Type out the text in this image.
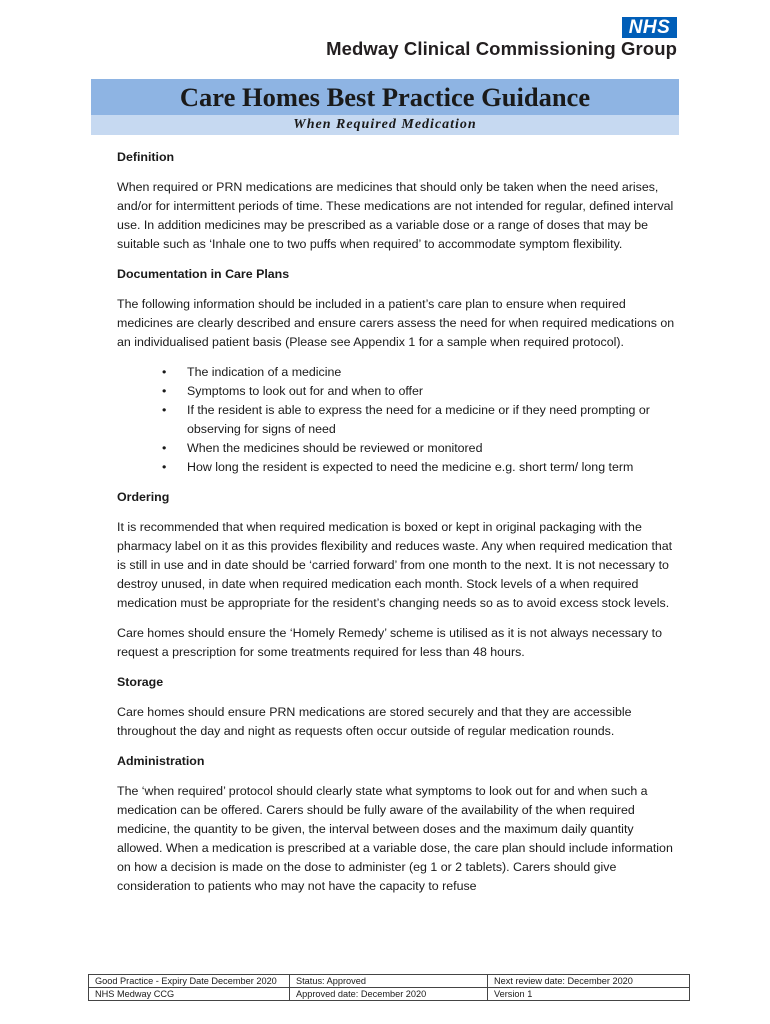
NHS
Medway Clinical Commissioning Group
Care Homes Best Practice Guidance
When Required Medication
Definition

When required or PRN medications are medicines that should only be taken when the need arises, and/or for intermittent periods of time. These medications are not intended for regular, defined interval use. In addition medicines may be prescribed as a variable dose or a range of doses that may be suitable such as ‘Inhale one to two puffs when required’ to accommodate symptom flexibility.

Documentation in Care Plans

The following information should be included in a patient’s care plan to ensure when required medicines are clearly described and ensure carers assess the need for when required medications on an individualised patient basis (Please see Appendix 1 for a sample when required protocol).

• The indication of a medicine
• Symptoms to look out for and when to offer
• If the resident is able to express the need for a medicine or if they need prompting or observing for signs of need
• When the medicines should be reviewed or monitored
• How long the resident is expected to need the medicine e.g. short term/ long term
Ordering

It is recommended that when required medication is boxed or kept in original packaging with the pharmacy label on it as this provides flexibility and reduces waste. Any when required medication that is still in use and in date should be ‘carried forward’ from one month to the next. It is not necessary to destroy unused, in date when required medication each month. Stock levels of a when required medication must be appropriate for the resident’s changing needs so as to avoid excess stock levels.

Care homes should ensure the ‘Homely Remedy’ scheme is utilised as it is not always necessary to request a prescription for some treatments required for less than 48 hours.

Storage

Care homes should ensure PRN medications are stored securely and that they are accessible throughout the day and night as requests often occur outside of regular medication rounds.

Administration

The ‘when required’ protocol should clearly state what symptoms to look out for and when such a medication can be offered. Carers should be fully aware of the availability of the when required medicine, the quantity to be given, the interval between doses and the maximum daily quantity allowed. When a medication is prescribed at a variable dose, the care plan should include information on how a decision is made on the dose to administer (eg 1 or 2 tablets). Carers should give consideration to patients who may not have the capacity to refuse

Good Practice - Expiry Date December 2020	Status: Approved	Next review date: December 2020
NHS Medway CCG	Approved date: December 2020	Version 1
